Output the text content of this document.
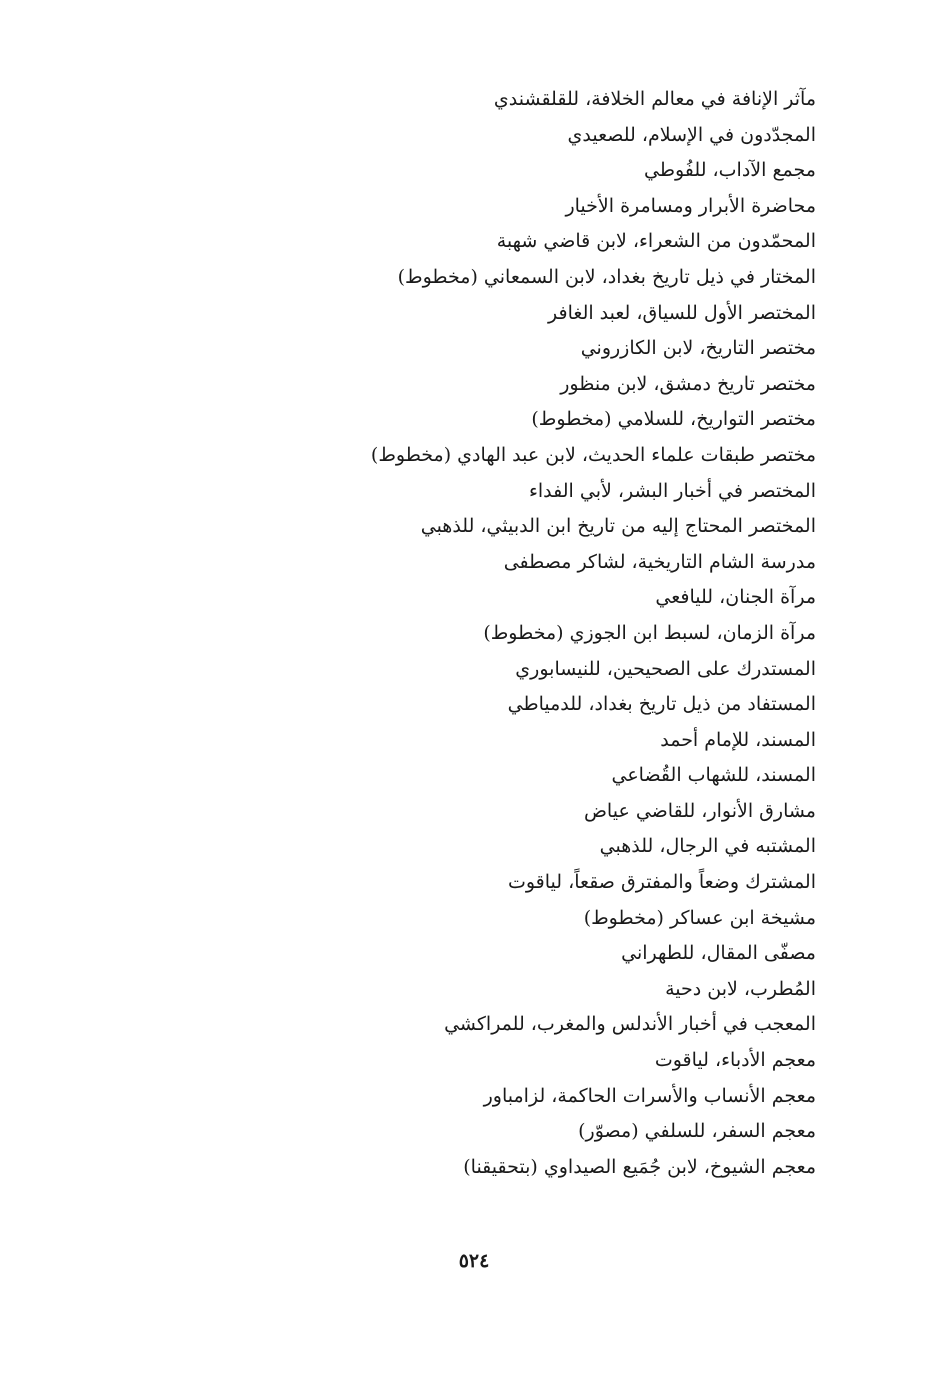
مآثر الإنافة في معالم الخلافة، للقلقشندي
المجدّدون في الإسلام، للصعيدي
مجمع الآداب، للفُوطي
محاضرة الأبرار ومسامرة الأخيار
المحمّدون من الشعراء، لابن قاضي شهبة
المختار في ذيل تاريخ بغداد، لابن السمعاني (مخطوط)
المختصر الأول للسياق، لعبد الغافر
مختصر التاريخ، لابن الكازروني
مختصر تاريخ دمشق، لابن منظور
مختصر التواريخ، للسلامي (مخطوط)
مختصر طبقات علماء الحديث، لابن عبد الهادي (مخطوط)
المختصر في أخبار البشر، لأبي الفداء
المختصر المحتاج إليه من تاريخ ابن الدبيثي، للذهبي
مدرسة الشام التاريخية، لشاكر مصطفى
مرآة الجنان، لليافعي
مرآة الزمان، لسبط ابن الجوزي (مخطوط)
المستدرك على الصحيحين، للنيسابوري
المستفاد من ذيل تاريخ بغداد، للدمياطي
المسند، للإمام أحمد
المسند، للشهاب القُضاعي
مشارق الأنوار، للقاضي عياض
المشتبه في الرجال، للذهبي
المشترك وضعاً والمفترق صقعاً، لياقوت
مشيخة ابن عساكر (مخطوط)
مصفّى المقال، للطهراني
المُطرب، لابن دحية
المعجب في أخبار الأندلس والمغرب، للمراكشي
معجم الأدباء، لياقوت
معجم الأنساب والأسرات الحاكمة، لزامباور
معجم السفر، للسلفي (مصوّر)
معجم الشيوخ، لابن جُمَيع الصيداوي (بتحقيقنا)
٥٢٤
